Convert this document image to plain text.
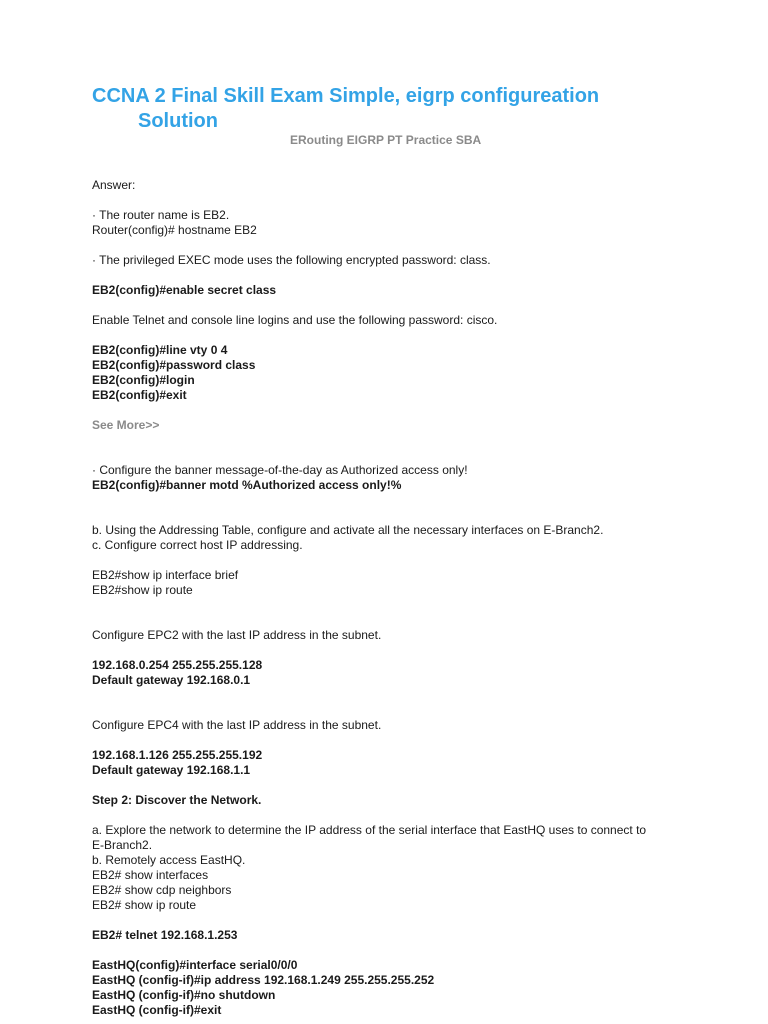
CCNA 2 Final Skill Exam Simple, eigrp configureation
Solution
ERouting EIGRP PT Practice SBA

Answer:

· The router name is EB2.

Router(config)# hostname EB2

· The privileged EXEC mode uses the following encrypted password: class.

EB2(config)#enable secret class

Enable Telnet and console line logins and use the following password: cisco.

EB2(config)#line vty 0 4

EB2(config)#password class

EB2(config)#login

EB2(config)#exit

See More>>

· Configure the banner message-of-the-day as Authorized access only!

EB2(config)#banner motd %Authorized access only!%

b. Using the Addressing Table, configure and activate all the necessary interfaces on E-Branch2.

c. Configure correct host IP addressing.

EB2#show ip interface brief

EB2#show ip route

Configure EPC2 with the last IP address in the subnet.

192.168.0.254 255.255.255.128

Default gateway 192.168.0.1

Configure EPC4 with the last IP address in the subnet.

192.168.1.126 255.255.255.192

Default gateway 192.168.1.1

Step 2: Discover the Network.

a. Explore the network to determine the IP address of the serial interface that EastHQ uses to connect to

E-Branch2.

b. Remotely access EastHQ.

EB2# show interfaces

EB2# show cdp neighbors

EB2# show ip route

EB2# telnet 192.168.1.253

EastHQ(config)#interface serial0/0/0

EastHQ (config-if)#ip address 192.168.1.249 255.255.255.252

EastHQ (config-if)#no shutdown

EastHQ (config-if)#exit
